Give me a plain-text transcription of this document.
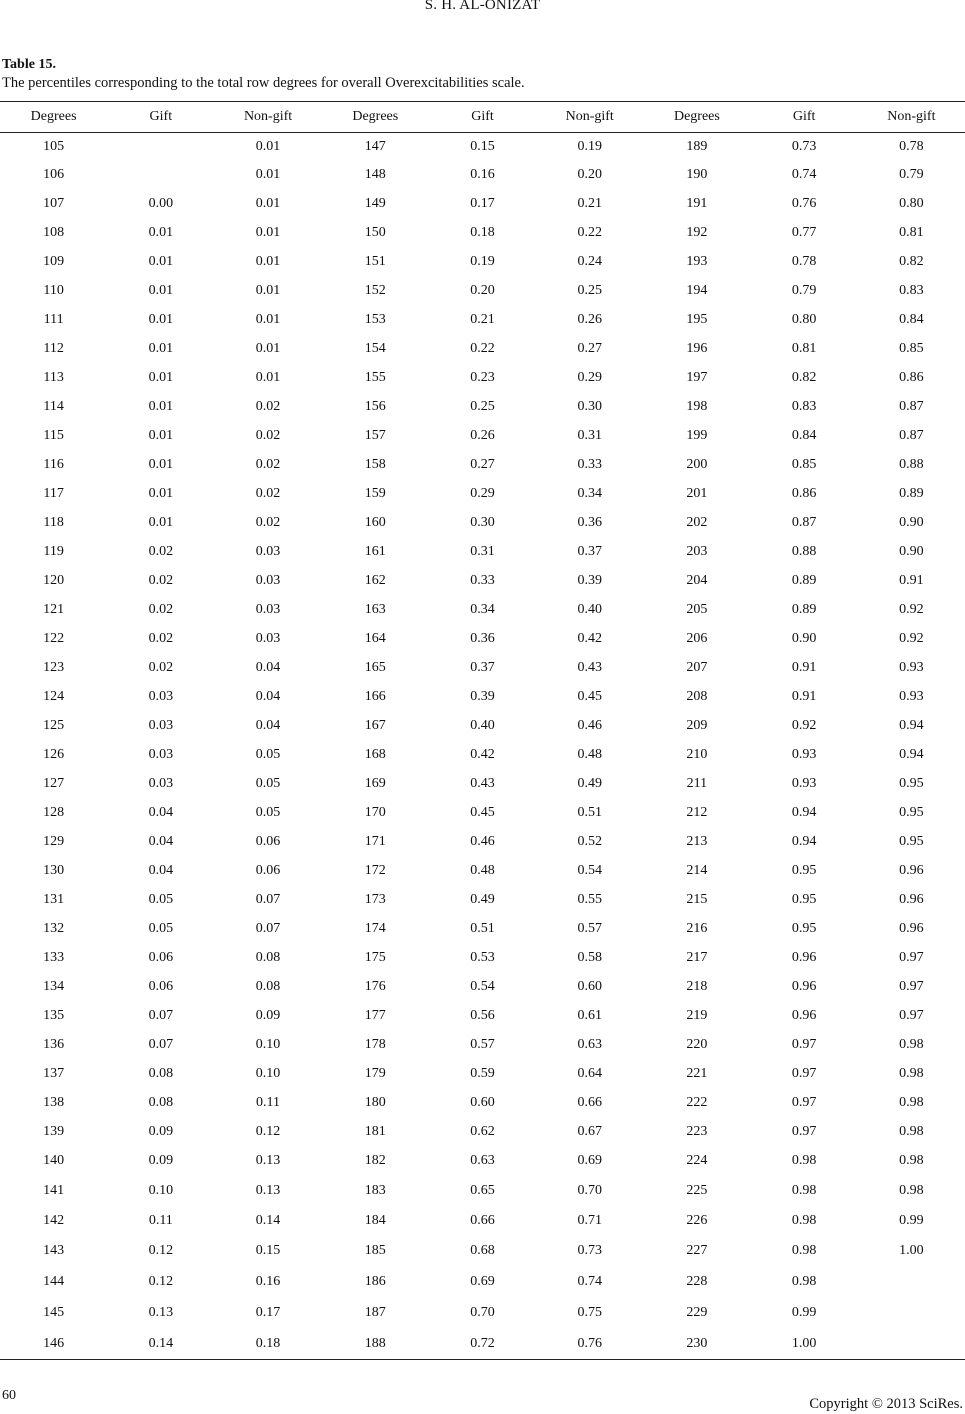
S. H. AL-ONIZAT
Table 15.
The percentiles corresponding to the total row degrees for overall Overexcitabilities scale.
Degrees	Gift	Non-gift	Degrees	Gift	Non-gift	Degrees	Gift	Non-gift
105		0.01	147	0.15	0.19	189	0.73	0.78
106		0.01	148	0.16	0.20	190	0.74	0.79
107	0.00	0.01	149	0.17	0.21	191	0.76	0.80
108	0.01	0.01	150	0.18	0.22	192	0.77	0.81
109	0.01	0.01	151	0.19	0.24	193	0.78	0.82
110	0.01	0.01	152	0.20	0.25	194	0.79	0.83
111	0.01	0.01	153	0.21	0.26	195	0.80	0.84
112	0.01	0.01	154	0.22	0.27	196	0.81	0.85
113	0.01	0.01	155	0.23	0.29	197	0.82	0.86
114	0.01	0.02	156	0.25	0.30	198	0.83	0.87
115	0.01	0.02	157	0.26	0.31	199	0.84	0.87
116	0.01	0.02	158	0.27	0.33	200	0.85	0.88
117	0.01	0.02	159	0.29	0.34	201	0.86	0.89
118	0.01	0.02	160	0.30	0.36	202	0.87	0.90
119	0.02	0.03	161	0.31	0.37	203	0.88	0.90
120	0.02	0.03	162	0.33	0.39	204	0.89	0.91
121	0.02	0.03	163	0.34	0.40	205	0.89	0.92
122	0.02	0.03	164	0.36	0.42	206	0.90	0.92
123	0.02	0.04	165	0.37	0.43	207	0.91	0.93
124	0.03	0.04	166	0.39	0.45	208	0.91	0.93
125	0.03	0.04	167	0.40	0.46	209	0.92	0.94
126	0.03	0.05	168	0.42	0.48	210	0.93	0.94
127	0.03	0.05	169	0.43	0.49	211	0.93	0.95
128	0.04	0.05	170	0.45	0.51	212	0.94	0.95
129	0.04	0.06	171	0.46	0.52	213	0.94	0.95
130	0.04	0.06	172	0.48	0.54	214	0.95	0.96
131	0.05	0.07	173	0.49	0.55	215	0.95	0.96
132	0.05	0.07	174	0.51	0.57	216	0.95	0.96
133	0.06	0.08	175	0.53	0.58	217	0.96	0.97
134	0.06	0.08	176	0.54	0.60	218	0.96	0.97
135	0.07	0.09	177	0.56	0.61	219	0.96	0.97
136	0.07	0.10	178	0.57	0.63	220	0.97	0.98
137	0.08	0.10	179	0.59	0.64	221	0.97	0.98
138	0.08	0.11	180	0.60	0.66	222	0.97	0.98
139	0.09	0.12	181	0.62	0.67	223	0.97	0.98
140	0.09	0.13	182	0.63	0.69	224	0.98	0.98
141	0.10	0.13	183	0.65	0.70	225	0.98	0.98
142	0.11	0.14	184	0.66	0.71	226	0.98	0.99
143	0.12	0.15	185	0.68	0.73	227	0.98	1.00
144	0.12	0.16	186	0.69	0.74	228	0.98	
145	0.13	0.17	187	0.70	0.75	229	0.99	
146	0.14	0.18	188	0.72	0.76	230	1.00	
60
Copyright © 2013 SciRes.
